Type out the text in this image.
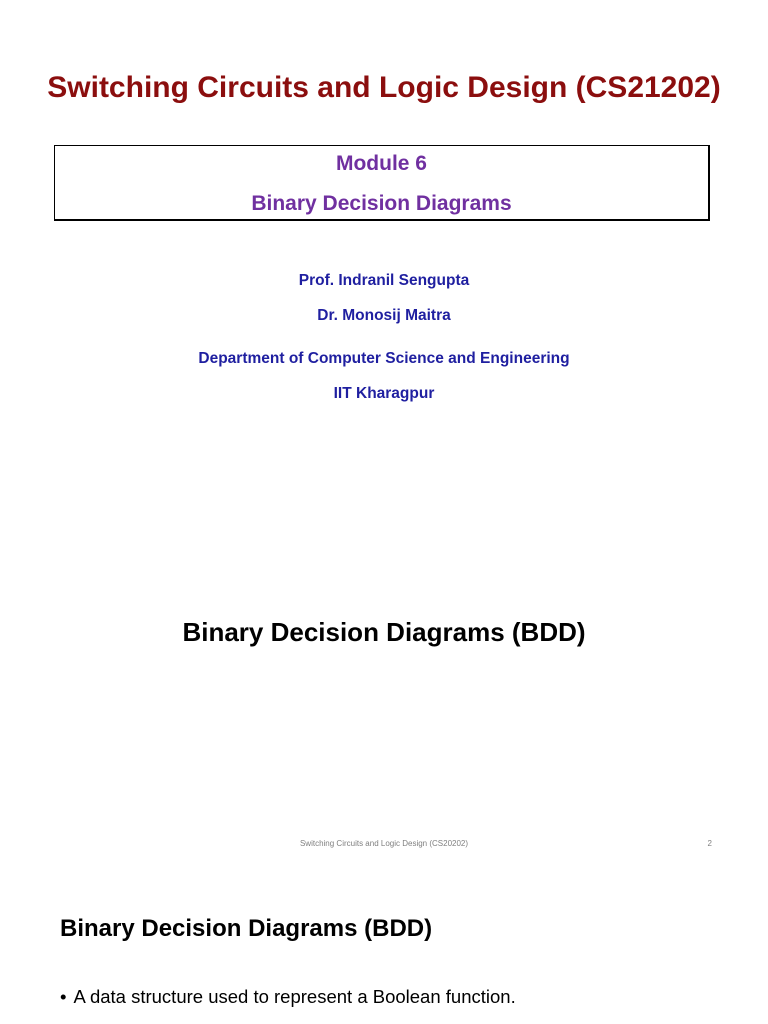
Switching Circuits and Logic Design (CS21202)
Module 6
Binary Decision Diagrams
Prof. Indranil Sengupta
Dr. Monosij Maitra
Department of Computer Science and Engineering
IIT Kharagpur
Binary Decision Diagrams (BDD)
Switching Circuits and Logic Design (CS20202)	2
Binary Decision Diagrams (BDD)
• A data structure used to represent a Boolean function.
